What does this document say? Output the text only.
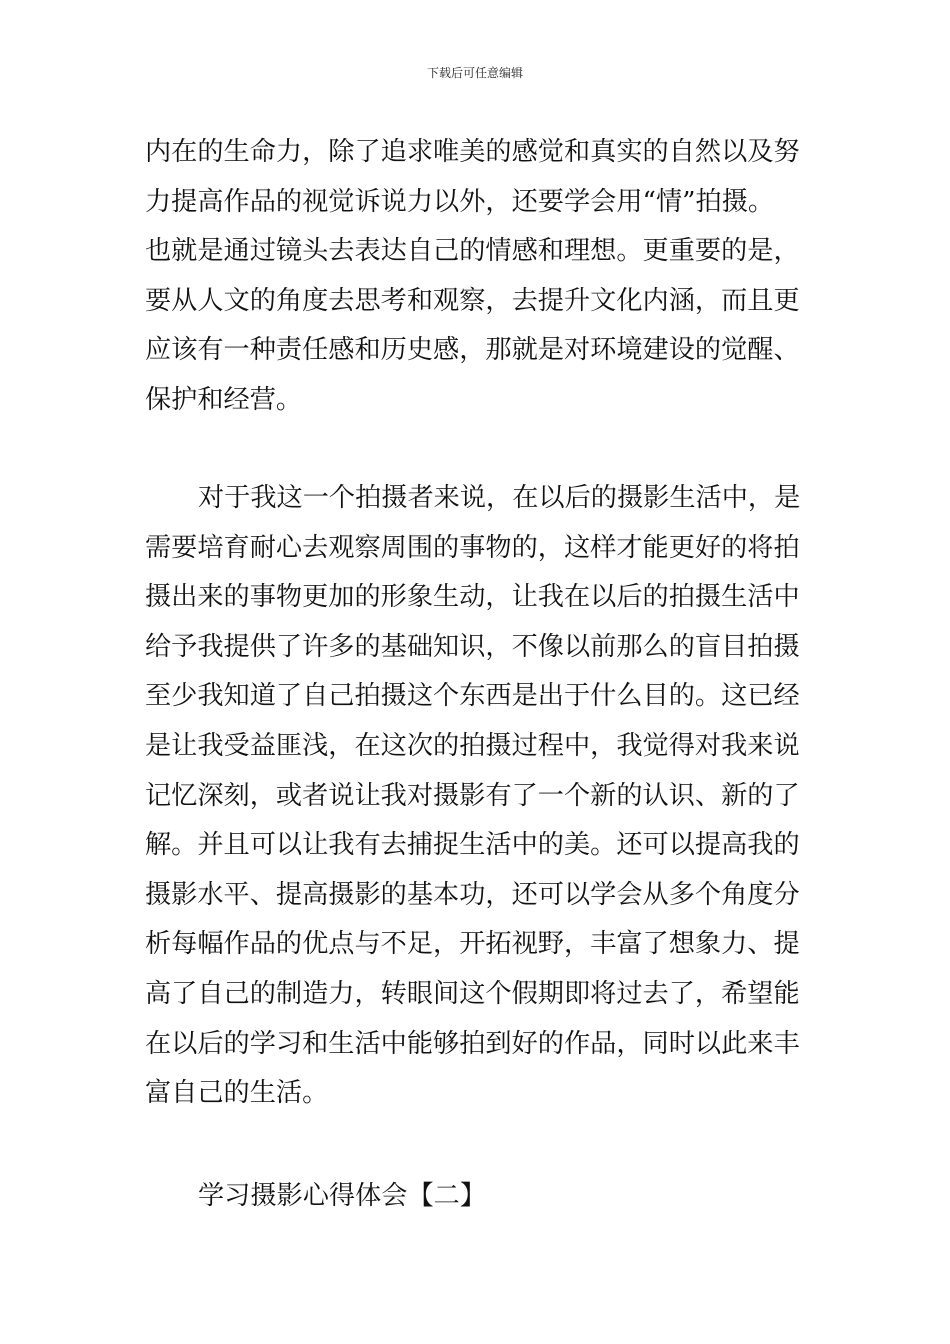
下载后可任意编辑
内在的生命力，除了追求唯美的感觉和真实的自然以及努
力提高作品的视觉诉说力以外，还要学会用“情”拍摄。
也就是通过镜头去表达自己的情感和理想。更重要的是，
要从人文的角度去思考和观察，去提升文化内涵，而且更
应该有一种责任感和历史感，那就是对环境建设的觉醒、
保护和经营。
对于我这一个拍摄者来说，在以后的摄影生活中，是
需要培育耐心去观察周围的事物的，这样才能更好的将拍
摄出来的事物更加的形象生动，让我在以后的拍摄生活中
给予我提供了许多的基础知识，不像以前那么的盲目拍摄
至少我知道了自己拍摄这个东西是出于什么目的。这已经
是让我受益匪浅，在这次的拍摄过程中，我觉得对我来说
记忆深刻，或者说让我对摄影有了一个新的认识、新的了
解。并且可以让我有去捕捉生活中的美。还可以提高我的
摄影水平、提高摄影的基本功，还可以学会从多个角度分
析每幅作品的优点与不足，开拓视野，丰富了想象力、提
高了自己的制造力，转眼间这个假期即将过去了，希望能
在以后的学习和生活中能够拍到好的作品，同时以此来丰
富自己的生活。
学习摄影心得体会【二】
